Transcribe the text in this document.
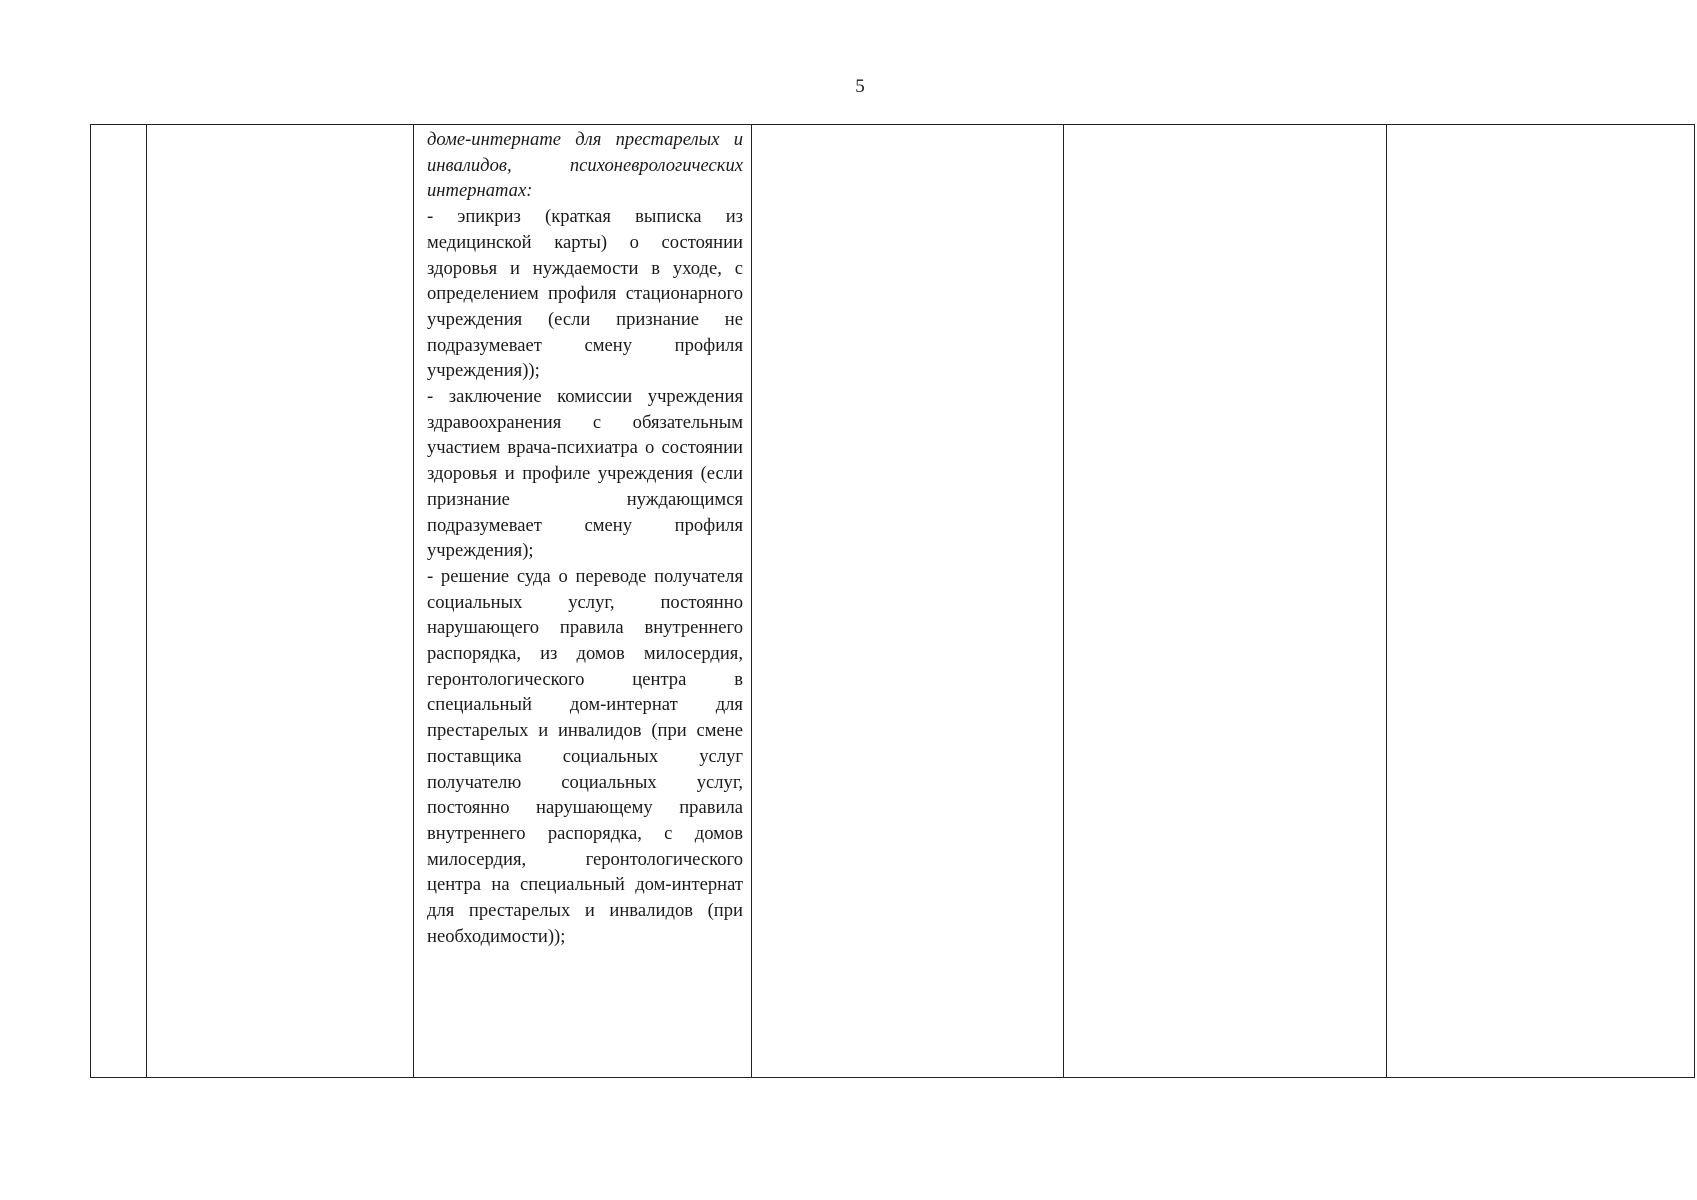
5

доме-интернате для престарелых и инвалидов, психоневрологических интернатах:

- эпикриз (краткая выписка из медицинской карты) о состоянии здоровья и нуждаемости в уходе, с определением профиля стационарного учреждения (если признание не подразумевает смену профиля учреждения));

- заключение комиссии учреждения здравоохранения с обязательным участием врача-психиатра о состоянии здоровья и профиле учреждения (если признание нуждающимся подразумевает смену профиля учреждения);

- решение суда о переводе получателя социальных услуг, постоянно нарушающего правила внутреннего распорядка, из домов милосердия, геронтологического центра в специальный дом-интернат для престарелых и инвалидов (при смене поставщика социальных услуг получателю социальных услуг, постоянно нарушающему правила внутреннего распорядка, с домов милосердия, геронтологического центра на специальный дом-интернат для престарелых и инвалидов (при необходимости));
